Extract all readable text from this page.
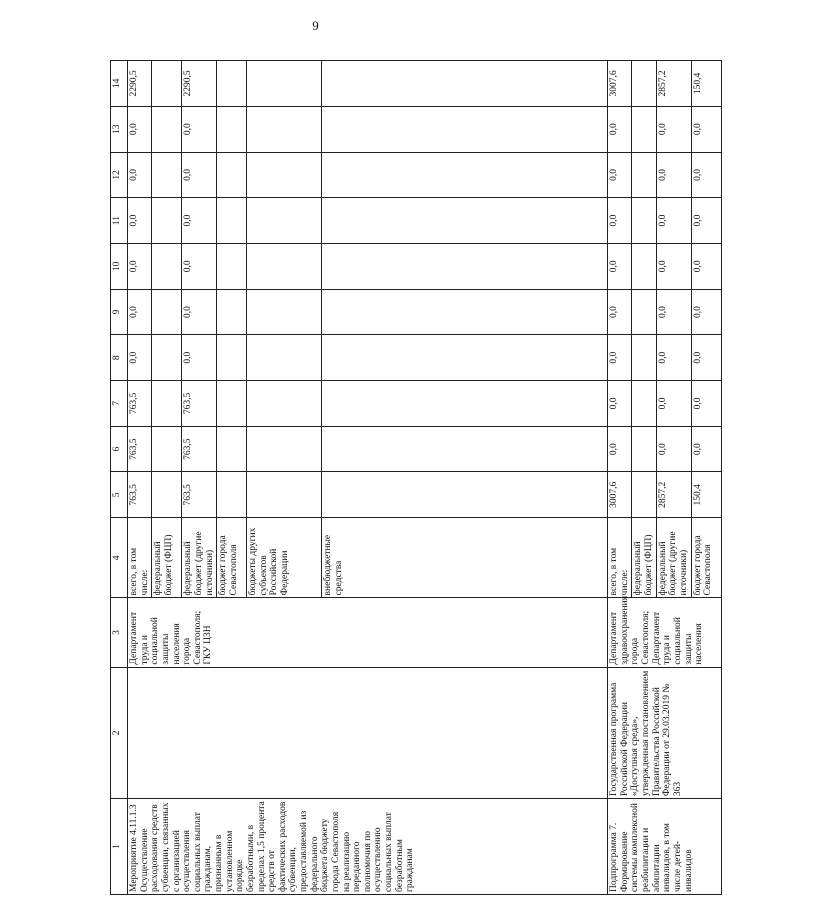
9
1	2	3	4	5	6	7	8	9	10	11	12	13	14
Мероприятие 4.11.1.3 Осуществление расходования средств субвенции, связанных с организацией осуществления социальных выплат гражданам, признанным в установленном порядке безработными, в пределах 1,5 процента средств от фактических расходов субвенции, предоставляемой из федерального бюджета бюджету города Севастополя на реализацию переданного полномочия по осуществлению социальных выплат безработным гражданам		Департамент труда и социальной защиты населения города Севастополя; ГКУ ЦЗН	всего, в том числе:	763,5	763,5	763,5	0,0	0,0	0,0	0,0	0,0	0,0	2290,5
			федеральный бюджет (ФЦП)										
			федеральный бюджет (другие источники)	763,5	763,5	763,5	0,0	0,0	0,0	0,0	0,0	0,0	2290,5
			бюджет города Севастополя										
			бюджеты других субъектов Российской Федерации										
			внебюджетные средства										
Подпрограмма 7. Формирование системы комплексной реабилитации и абилитации инвалидов, в том числе детей-инвалидов	Государственная программа Российской Федерации «Доступная среда», утвержденная постановлением Правительства Российской Федерации от 29.03.2019 № 363	Департамент здравоохранения города Севастополя; Департамент труда и социальной защиты населения	всего, в том числе:	3007,6	0,0	0,0	0,0	0,0	0,0	0,0	0,0	0,0	3007,6
			федеральный бюджет (ФЦП)										
			федеральный бюджет (другие источники)	2857,2	0,0	0,0	0,0	0,0	0,0	0,0	0,0	0,0	2857,2
			бюджет города Севастополя	150,4	0,0	0,0	0,0	0,0	0,0	0,0	0,0	0,0	150,4
